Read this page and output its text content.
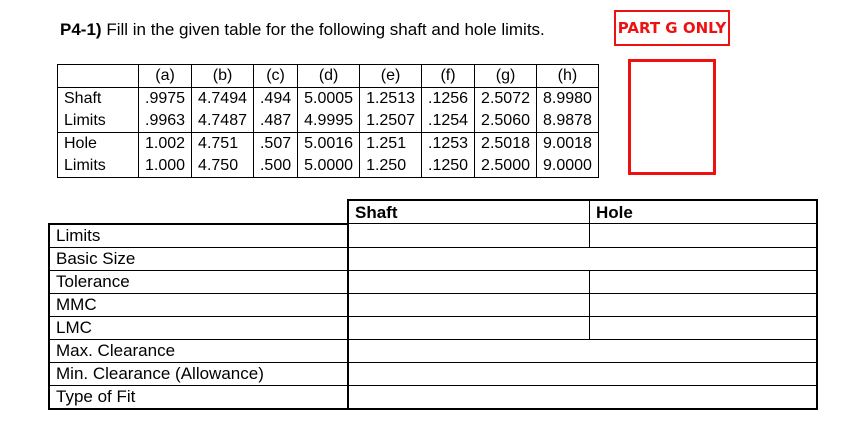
P4-1) Fill in the given table for the following shaft and hole limits.	PART G ONLY
	(a)	(b)	(c)	(d)	(e)	(f)	(g)	(h)
Shaft	.9975	4.7494	.494	5.0005	1.2513	.1256	2.5072	8.9980
Limits	.9963	4.7487	.487	4.9995	1.2507	.1254	2.5060	8.9878
Hole	1.002	4.751	.507	5.0016	1.251	.1253	2.5018	9.0018
Limits	1.000	4.750	.500	5.0000	1.250	.1250	2.5000	9.0000
	Shaft	Hole
Limits		
Basic Size		
Tolerance		
MMC		
LMC		
Max. Clearance		
Min. Clearance (Allowance)		
Type of Fit		
